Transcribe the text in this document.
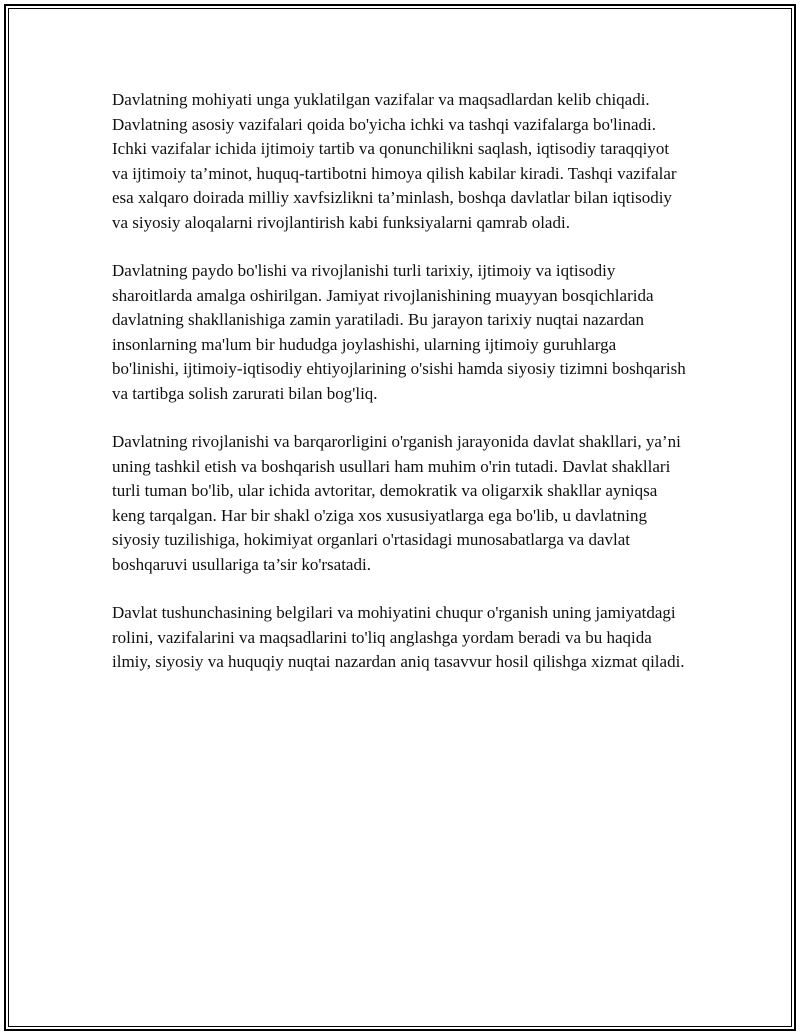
Davlatning mohiyati unga yuklatilgan vazifalar va maqsadlardan kelib chiqadi. Davlatning asosiy vazifalari qoida bo'yicha ichki va tashqi vazifalarga bo'linadi. Ichki vazifalar ichida ijtimoiy tartib va qonunchilikni saqlash, iqtisodiy taraqqiyot va ijtimoiy ta’minot, huquq-tartibotni himoya qilish kabilar kiradi. Tashqi vazifalar esa xalqaro doirada milliy xavfsizlikni ta’minlash, boshqa davlatlar bilan iqtisodiy va siyosiy aloqalarni rivojlantirish kabi funksiyalarni qamrab oladi.

Davlatning paydo bo'lishi va rivojlanishi turli tarixiy, ijtimoiy va iqtisodiy sharoitlarda amalga oshirilgan. Jamiyat rivojlanishining muayyan bosqichlarida davlatning shakllanishiga zamin yaratiladi. Bu jarayon tarixiy nuqtai nazardan insonlarning ma'lum bir hududga joylashishi, ularning ijtimoiy guruhlarga bo'linishi, ijtimoiy-iqtisodiy ehtiyojlarining o'sishi hamda siyosiy tizimni boshqarish va tartibga solish zarurati bilan bog'liq.

Davlatning rivojlanishi va barqarorligini o'rganish jarayonida davlat shakllari, ya’ni uning tashkil etish va boshqarish usullari ham muhim o'rin tutadi. Davlat shakllari turli tuman bo'lib, ular ichida avtoritar, demokratik va oligarxik shakllar ayniqsa keng tarqalgan. Har bir shakl o'ziga xos xususiyatlarga ega bo'lib, u davlatning siyosiy tuzilishiga, hokimiyat organlari o'rtasidagi munosabatlarga va davlat boshqaruvi usullariga ta’sir ko'rsatadi.

Davlat tushunchasining belgilari va mohiyatini chuqur o'rganish uning jamiyatdagi rolini, vazifalarini va maqsadlarini to'liq anglashga yordam beradi va bu haqida ilmiy, siyosiy va huquqiy nuqtai nazardan aniq tasavvur hosil qilishga xizmat qiladi.
